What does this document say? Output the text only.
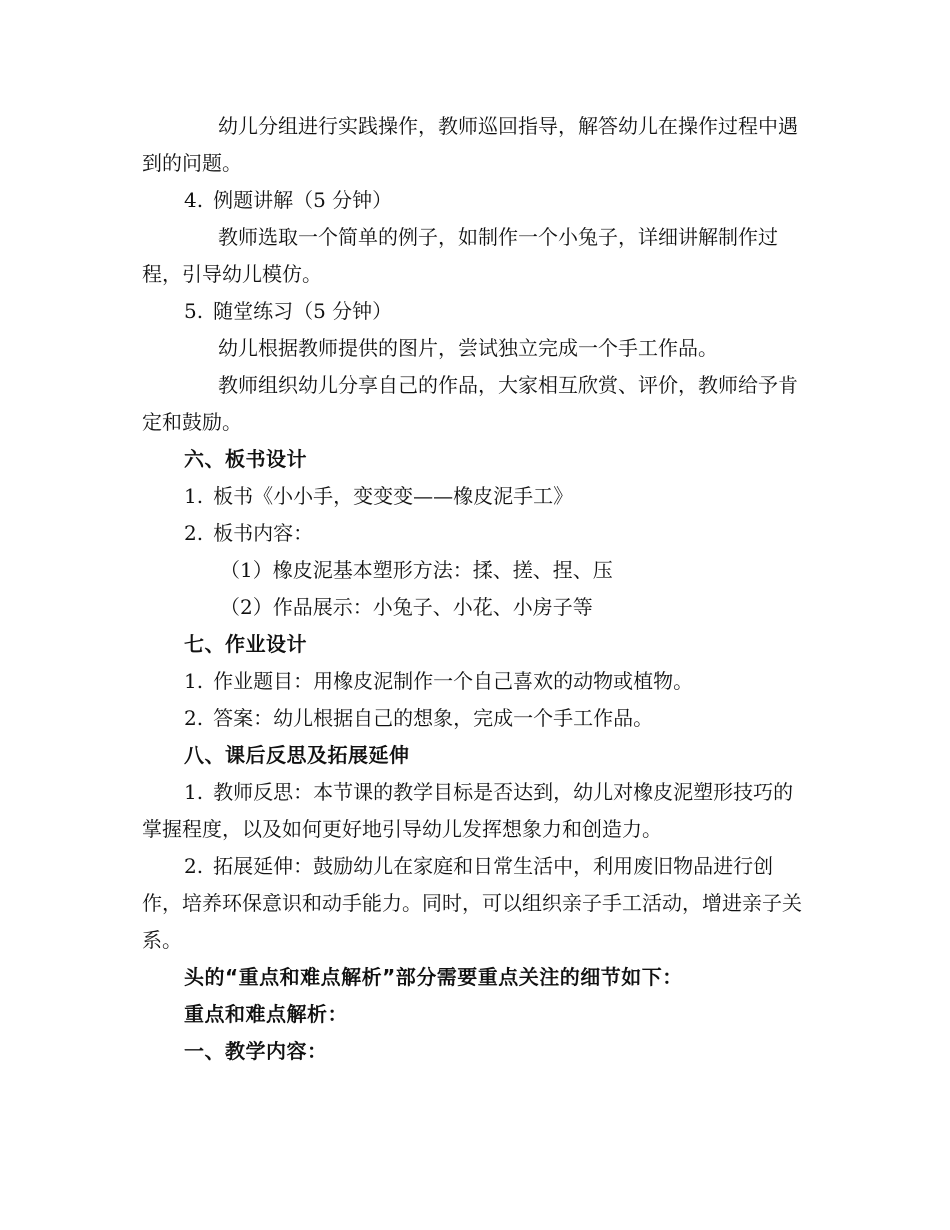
幼儿分组进行实践操作，教师巡回指导，解答幼儿在操作过程中遇到的问题。

4. 例题讲解（5 分钟）

教师选取一个简单的例子，如制作一个小兔子，详细讲解制作过程，引导幼儿模仿。

5. 随堂练习（5 分钟）

幼儿根据教师提供的图片，尝试独立完成一个手工作品。

教师组织幼儿分享自己的作品，大家相互欣赏、评价，教师给予肯定和鼓励。

六、板书设计

1. 板书《小小手，变变变——橡皮泥手工》

2. 板书内容：

（1）橡皮泥基本塑形方法：揉、搓、捏、压

（2）作品展示：小兔子、小花、小房子等

七、作业设计

1. 作业题目：用橡皮泥制作一个自己喜欢的动物或植物。

2. 答案：幼儿根据自己的想象，完成一个手工作品。

八、课后反思及拓展延伸

1. 教师反思：本节课的教学目标是否达到，幼儿对橡皮泥塑形技巧的掌握程度，以及如何更好地引导幼儿发挥想象力和创造力。

2. 拓展延伸：鼓励幼儿在家庭和日常生活中，利用废旧物品进行创作，培养环保意识和动手能力。同时，可以组织亲子手工活动，增进亲子关系。

头的“重点和难点解析”部分需要重点关注的细节如下：

重点和难点解析：

一、教学内容：
